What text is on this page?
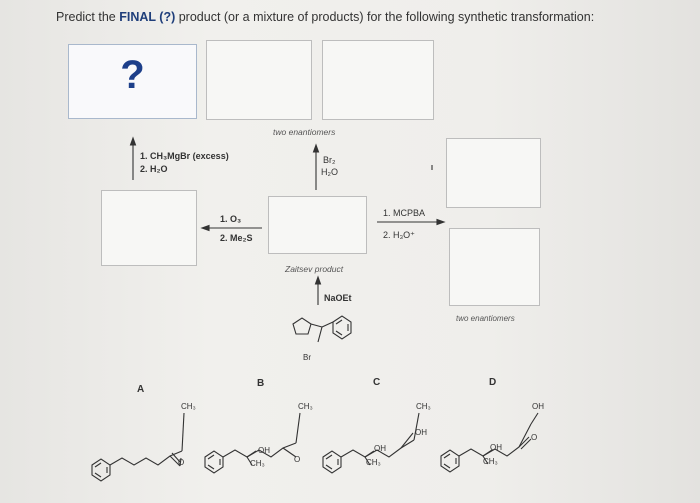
Predict the FINAL (?) product (or a mixture of products) for the following synthetic transformation:
?
two enantiomers
1. CH₃MgBr (excess)
2. H₂O
Br₂
H₂O
1. O₃
2. Me₂S
1. MCPBA
2. H₃O⁺
Zaitsev product
NaOEt
two enantiomers
Br
A
B	C	D
CH₃
O
CH₃
OH
CH₃	O
CH₃
OH
OH
CH₃
OH
OH
CH₃
O
